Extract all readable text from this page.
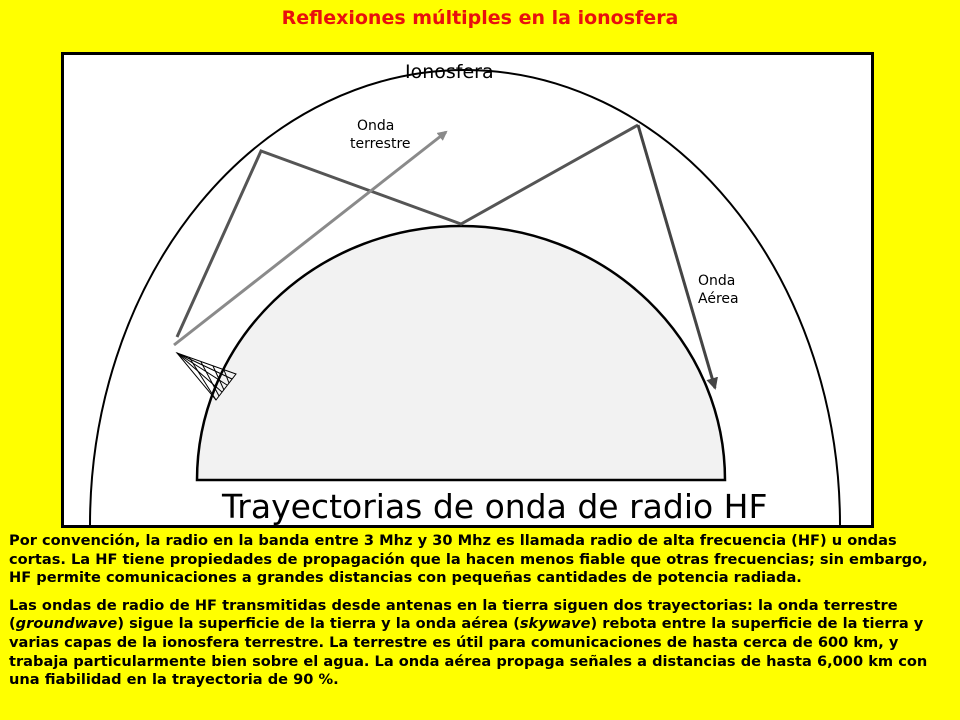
Reflexiones múltiples en la ionosfera
Ionosfera
Onda
terrestre
Onda
Aérea
Trayectorias de onda de radio HF

Por convención, la radio en la banda entre 3 Mhz y 30 Mhz es llamada radio de alta frecuencia (HF) u ondas cortas. La HF tiene propiedades de propagación que la hacen menos fiable que otras frecuencias; sin embargo, HF permite comunicaciones a grandes distancias con pequeñas cantidades de potencia radiada.

Las ondas de radio de HF transmitidas desde antenas en la tierra siguen dos trayectorias: la onda terrestre (groundwave) sigue la superficie de la tierra y la onda aérea (skywave) rebota entre la superficie de la tierra y varias capas de la ionosfera terrestre. La terrestre es útil para comunicaciones de hasta cerca de 600 km, y trabaja particularmente bien sobre el agua. La onda aérea propaga señales a distancias de hasta 6,000 km con una fiabilidad en la trayectoria de 90 %.
